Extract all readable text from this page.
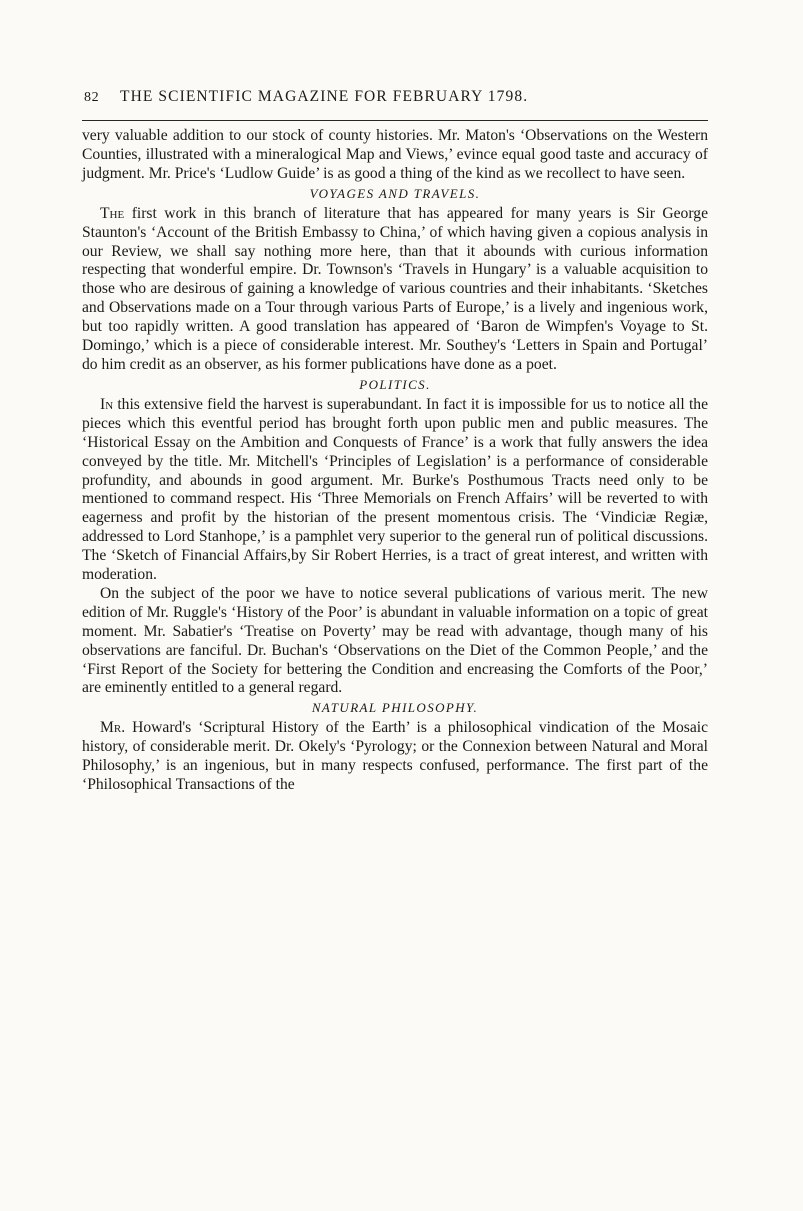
82	THE SCIENTIFIC MAGAZINE FOR FEBRUARY 1798.

very valuable addition to our stock of county histories. Mr. Maton's ‘Observations on the Western Counties, illustrated with a mineralogical Map and Views,’ evince equal good taste and accuracy of judgment. Mr. Price's ‘Ludlow Guide’ is as good a thing of the kind as we recollect to have seen.

VOYAGES AND TRAVELS.

The first work in this branch of literature that has appeared for many years is Sir George Staunton's ‘Account of the British Embassy to China,’ of which having given a copious analysis in our Review, we shall say nothing more here, than that it abounds with curious information respecting that wonderful empire. Dr. Townson's ‘Travels in Hungary’ is a valuable acquisition to those who are desirous of gaining a knowledge of various countries and their inhabitants. ‘Sketches and Observations made on a Tour through various Parts of Europe,’ is a lively and ingenious work, but too rapidly written. A good translation has appeared of ‘Baron de Wimpfen's Voyage to St. Domingo,’ which is a piece of considerable interest. Mr. Southey's ‘Letters in Spain and Portugal’ do him credit as an observer, as his former publications have done as a poet.

POLITICS.

In this extensive field the harvest is superabundant. In fact it is impossible for us to notice all the pieces which this eventful period has brought forth upon public men and public measures. The ‘Historical Essay on the Ambition and Conquests of France’ is a work that fully answers the idea conveyed by the title. Mr. Mitchell's ‘Principles of Legislation’ is a performance of considerable profundity, and abounds in good argument. Mr. Burke's Posthumous Tracts need only to be mentioned to command respect. His ‘Three Memorials on French Affairs’ will be reverted to with eagerness and profit by the historian of the present momentous crisis. The ‘Vindiciæ Regiæ, addressed to Lord Stanhope,’ is a pamphlet very superior to the general run of political discussions. The ‘Sketch of Financial Affairs,by Sir Robert Herries, is a tract of great interest, and written with moderation.

On the subject of the poor we have to notice several publications of various merit. The new edition of Mr. Ruggle's ‘History of the Poor’ is abundant in valuable information on a topic of great moment. Mr. Sabatier's ‘Treatise on Poverty’ may be read with advantage, though many of his observations are fanciful. Dr. Buchan's ‘Observations on the Diet of the Common People,’ and the ‘First Report of the Society for bettering the Condition and encreasing the Comforts of the Poor,’ are eminently entitled to a general regard.

NATURAL PHILOSOPHY.

Mr. Howard's ‘Scriptural History of the Earth’ is a philosophical vindication of the Mosaic history, of considerable merit. Dr. Okely's ‘Pyrology; or the Connexion between Natural and Moral Philosophy,’ is an ingenious, but in many respects confused, performance. The first part of the ‘Philosophical Transactions of the
